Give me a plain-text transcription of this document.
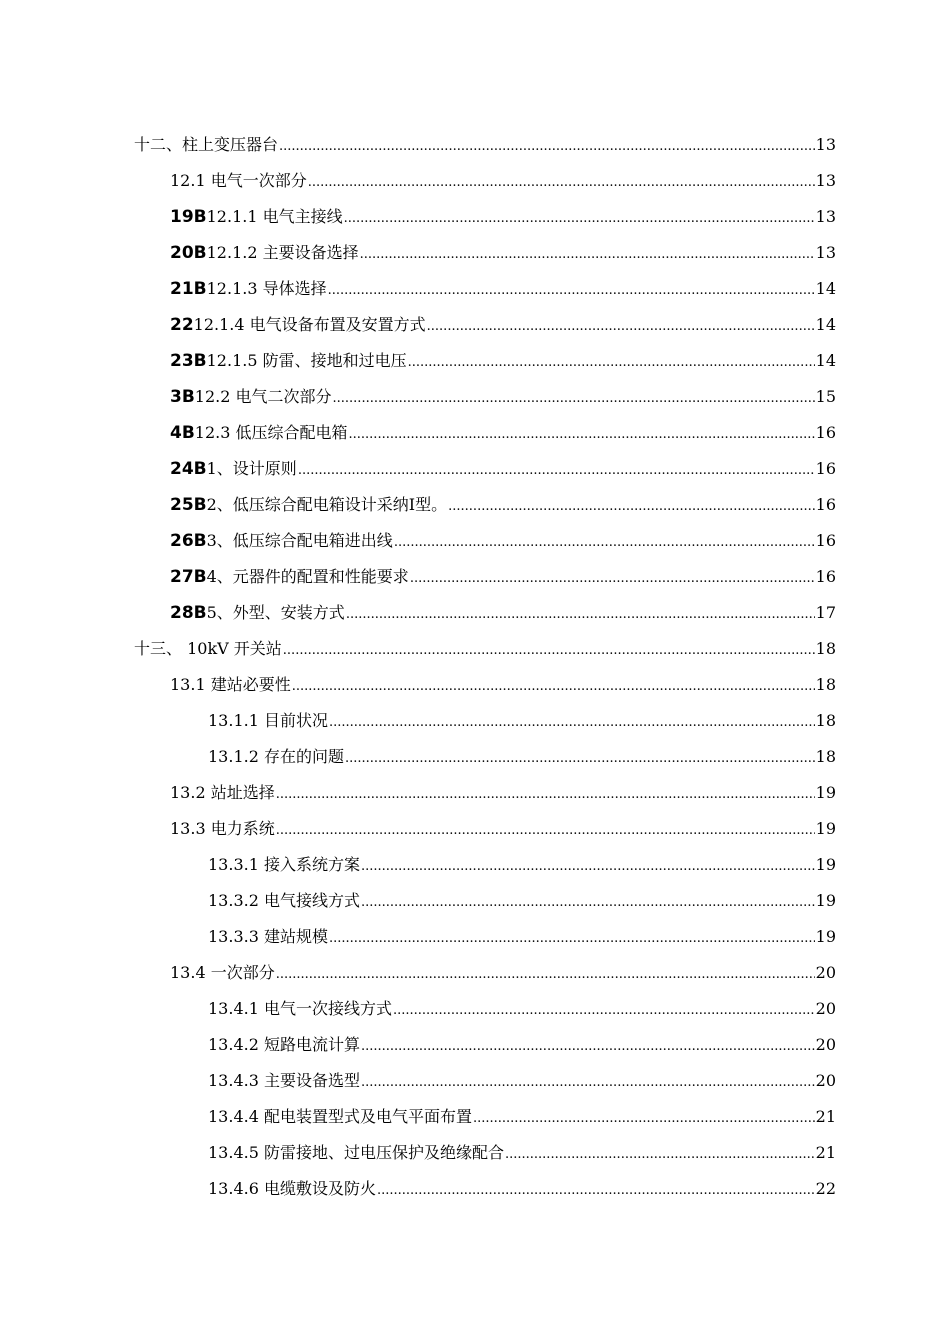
十二、柱上变压器台 .....	13
12.1 电气一次部分 .....	13
19B12.1.1 电气主接线 .....	13
20B12.1.2 主要设备选择 .....	13
21B12.1.3 导体选择 .....	14
2212.1.4 电气设备布置及安置方式 .....	14
23B12.1.5 防雷、接地和过电压 .....	14
3B12.2 电气二次部分 .....	15
4B12.3 低压综合配电箱 .....	16
24B1、设计原则 .....	16
25B2、低压综合配电箱设计采纳Ⅰ型。 .....	16
26B3、低压综合配电箱进出线 .....	16
27B4、元器件的配置和性能要求 .....	16
28B5、外型、安装方式 .....	17
十三、 10kV 开关站 .....	18
13.1 建站必要性 .....	18
13.1.1 目前状况 .....	18
13.1.2 存在的问题 .....	18
13.2 站址选择 .....	19
13.3 电力系统 .....	19
13.3.1 接入系统方案 .....	19
13.3.2 电气接线方式 .....	19
13.3.3 建站规模 .....	19
13.4 一次部分 .....	20
13.4.1 电气一次接线方式 .....	20
13.4.2 短路电流计算 .....	20
13.4.3 主要设备选型 .....	20
13.4.4 配电装置型式及电气平面布置 .....	21
13.4.5 防雷接地、过电压保护及绝缘配合 .....	21
13.4.6 电缆敷设及防火 .....	22
